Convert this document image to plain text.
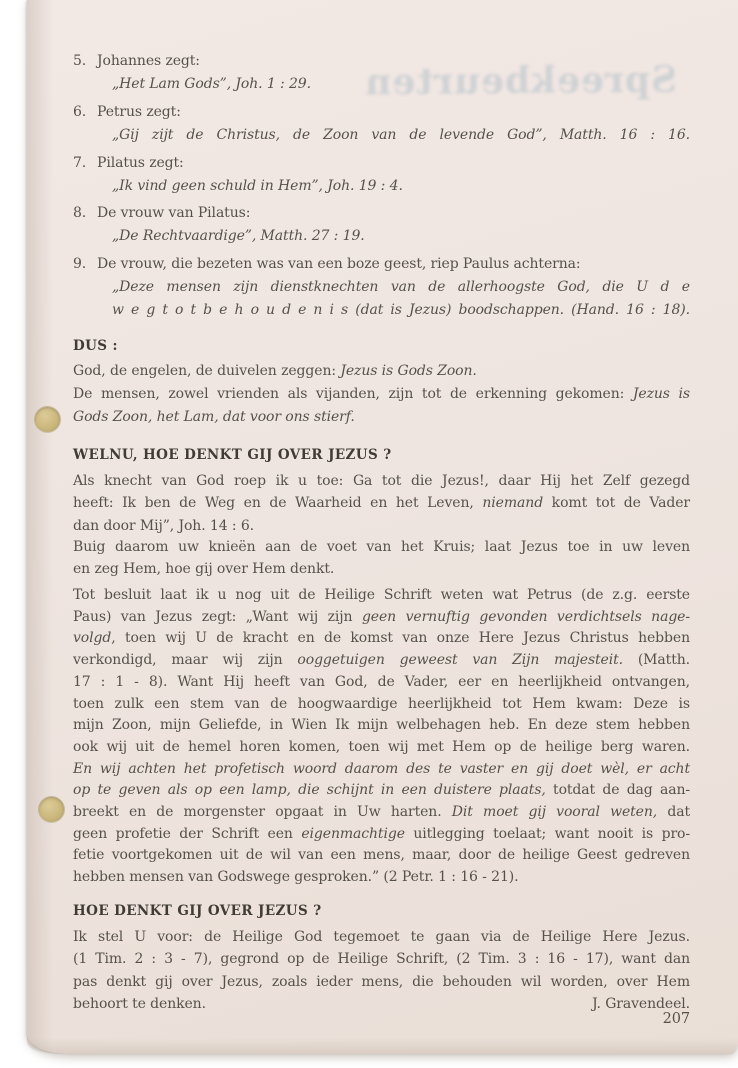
Spreekbeurten
5. Johannes zegt:
„Het Lam Gods”, Joh. 1 : 29.
6. Petrus zegt:
„Gij zijt de Christus, de Zoon van de levende God”, Matth. 16 : 16.
7. Pilatus zegt:
„Ik vind geen schuld in Hem”, Joh. 19 : 4.
8. De vrouw van Pilatus:
„De Rechtvaardige”, Matth. 27 : 19.
9. De vrouw, die bezeten was van een boze geest, riep Paulus achterna:
„Deze mensen zijn dienstknechten van de allerhoogste God, die U d e
w e g t o t b e h o u d e n i s (dat is Jezus) boodschappen. (Hand. 16 : 18).
DUS :
God, de engelen, de duivelen zeggen: Jezus is Gods Zoon.
De mensen, zowel vrienden als vijanden, zijn tot de erkenning gekomen: Jezus is
Gods Zoon, het Lam, dat voor ons stierf.
WELNU, HOE DENKT GIJ OVER JEZUS ?
Als knecht van God roep ik u toe: Ga tot die Jezus!, daar Hij het Zelf gezegd
heeft: Ik ben de Weg en de Waarheid en het Leven, niemand komt tot de Vader
dan door Mij”, Joh. 14 : 6.
Buig daarom uw knieën aan de voet van het Kruis; laat Jezus toe in uw leven
en zeg Hem, hoe gij over Hem denkt.
Tot besluit laat ik u nog uit de Heilige Schrift weten wat Petrus (de z.g. eerste
Paus) van Jezus zegt: „Want wij zijn geen vernuftig gevonden verdichtsels nage-
volgd, toen wij U de kracht en de komst van onze Here Jezus Christus hebben
verkondigd, maar wij zijn ooggetuigen geweest van Zijn majesteit. (Matth.
17 : 1 - 8). Want Hij heeft van God, de Vader, eer en heerlijkheid ontvangen,
toen zulk een stem van de hoogwaardige heerlijkheid tot Hem kwam: Deze is
mijn Zoon, mijn Geliefde, in Wien Ik mijn welbehagen heb. En deze stem hebben
ook wij uit de hemel horen komen, toen wij met Hem op de heilige berg waren.
En wij achten het profetisch woord daarom des te vaster en gij doet wèl, er acht
op te geven als op een lamp, die schijnt in een duistere plaats, totdat de dag aan-
breekt en de morgenster opgaat in Uw harten. Dit moet gij vooral weten, dat
geen profetie der Schrift een eigenmachtige uitlegging toelaat; want nooit is pro-
fetie voortgekomen uit de wil van een mens, maar, door de heilige Geest gedreven
hebben mensen van Godswege gesproken.” (2 Petr. 1 : 16 - 21).
HOE DENKT GIJ OVER JEZUS ?
Ik stel U voor: de Heilige God tegemoet te gaan via de Heilige Here Jezus.
(1 Tim. 2 : 3 - 7), gegrond op de Heilige Schrift, (2 Tim. 3 : 16 - 17), want dan
pas denkt gij over Jezus, zoals ieder mens, die behouden wil worden, over Hem
behoort te denken.	J. Gravendeel.
207
